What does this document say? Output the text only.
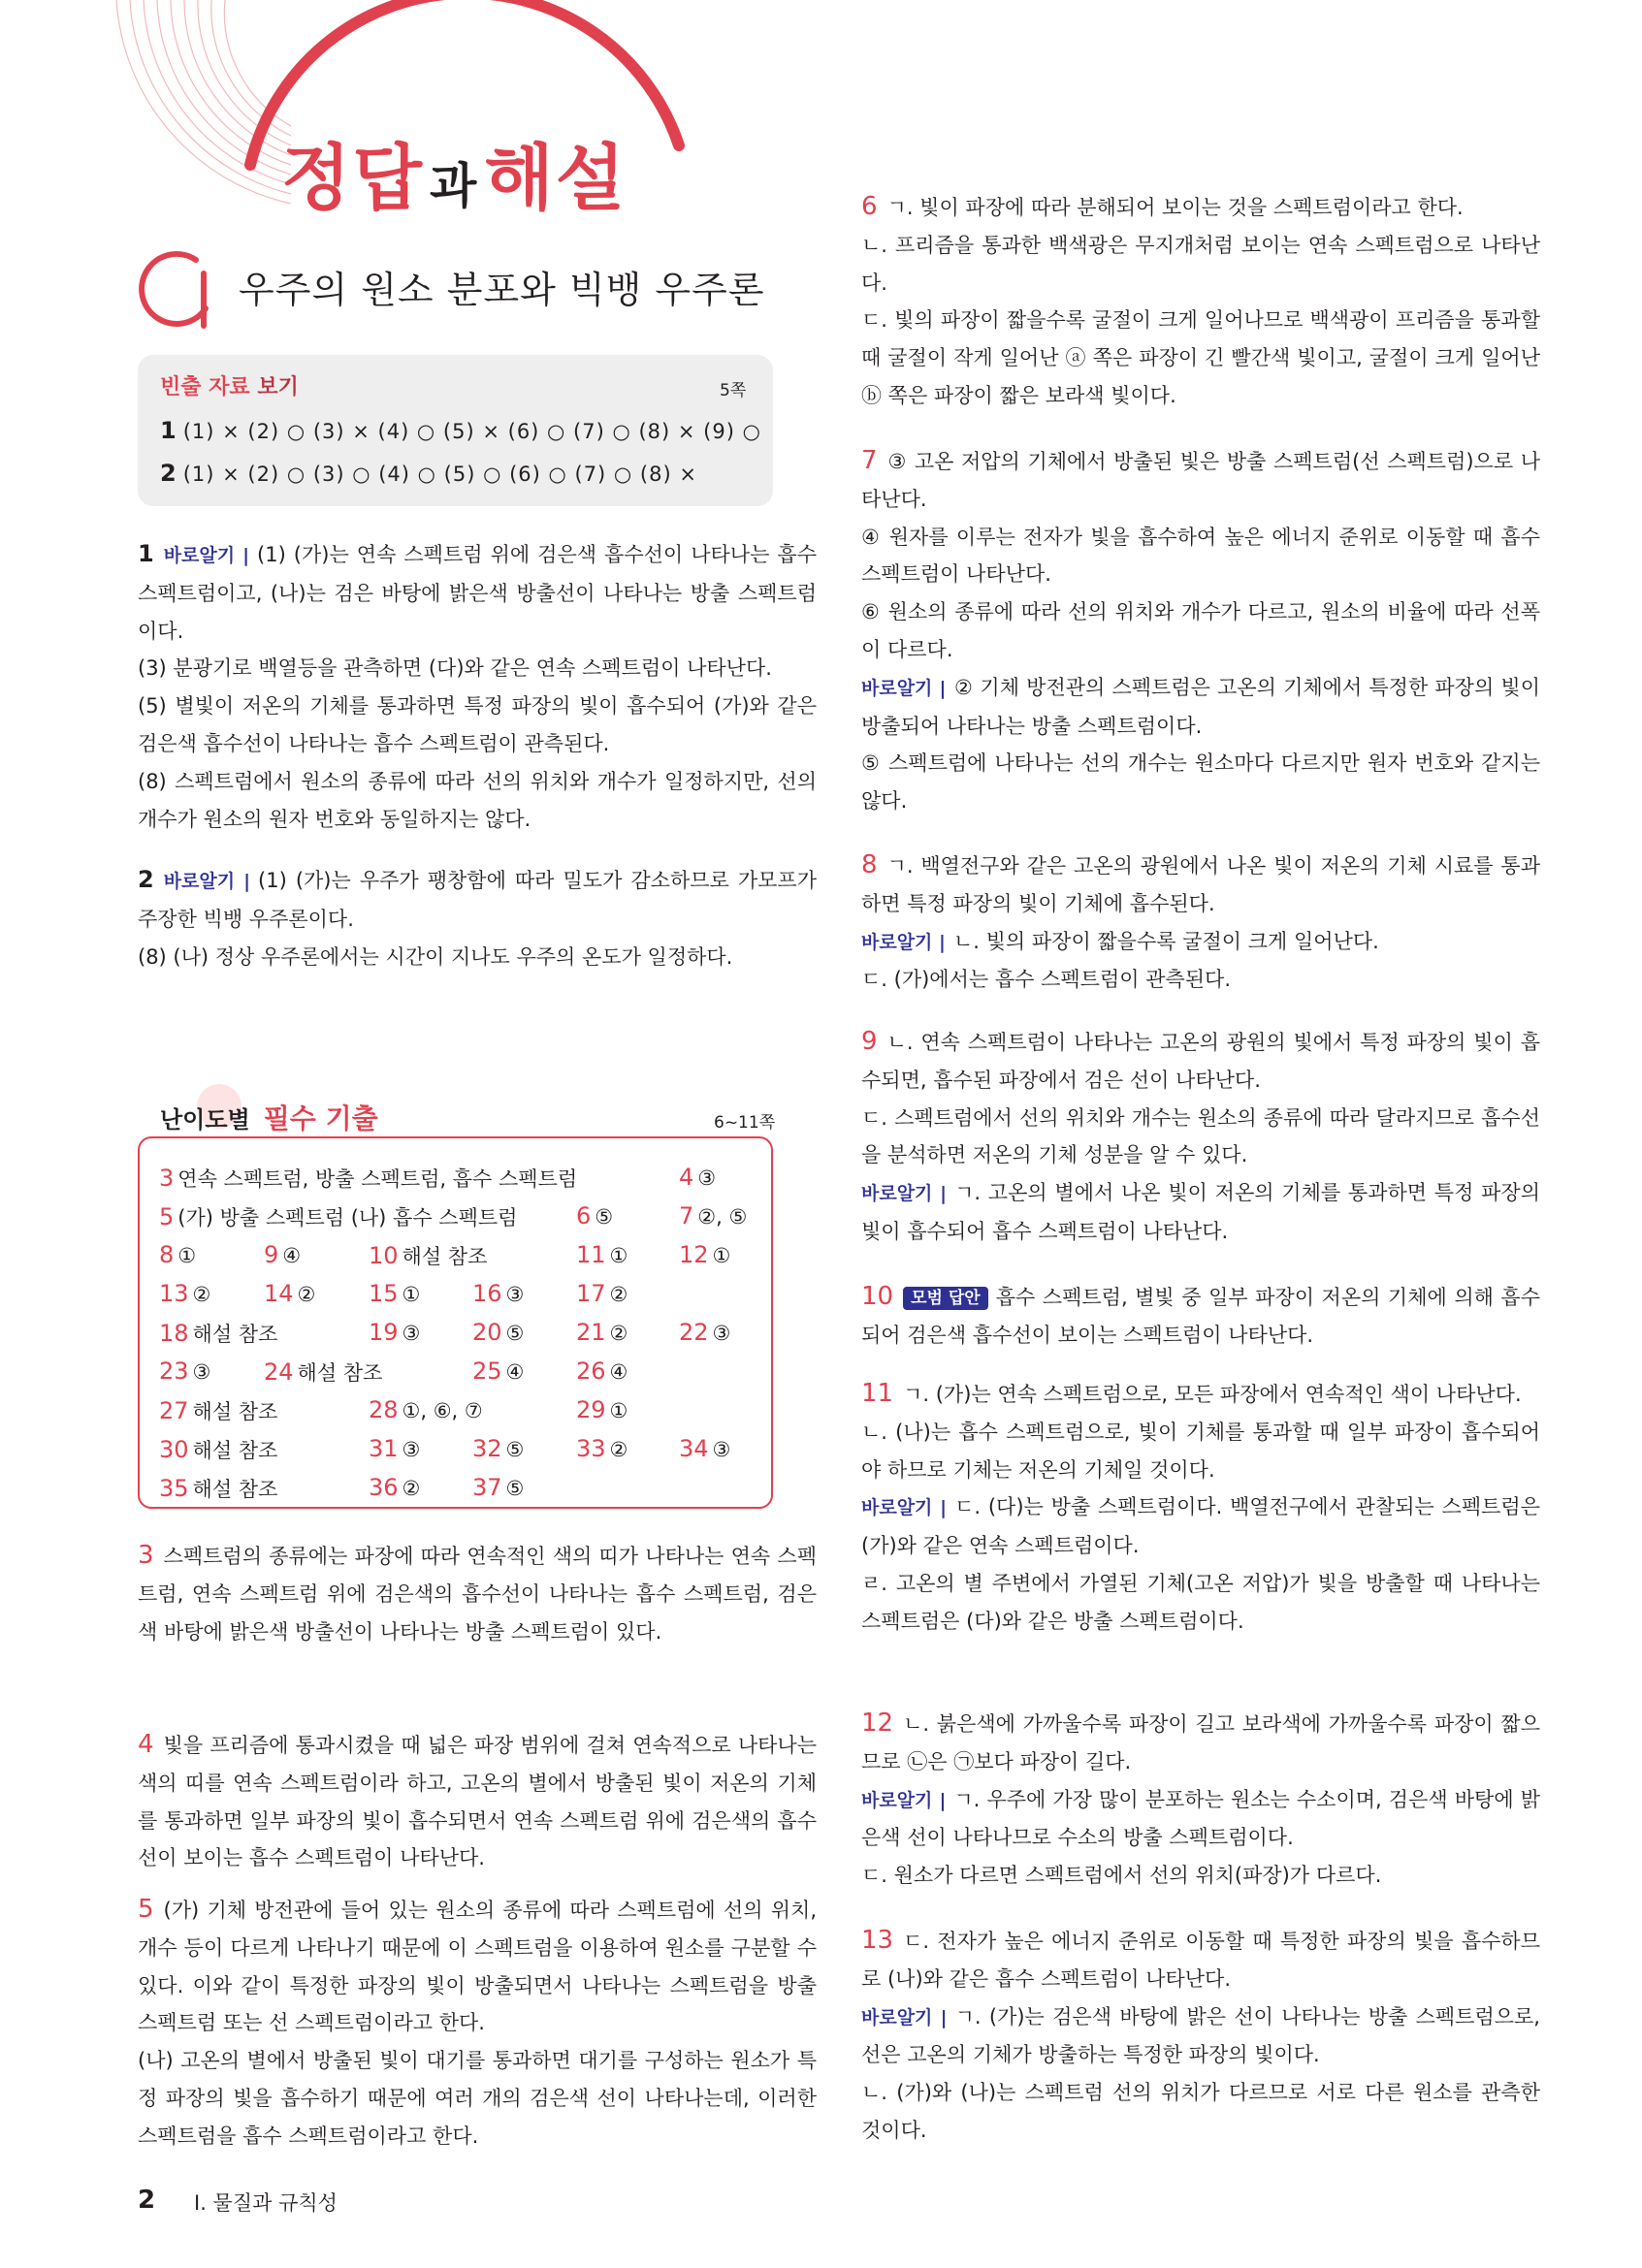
정답 과해설
01 우주의 원소 분포와 빅뱅 우주론
빈출 자료 보기	5쪽
1 (1) × (2) ○ (3) × (4) ○ (5) × (6) ○ (7) ○ (8) × (9) ○
2 (1) × (2) ○ (3) ○ (4) ○ (5) ○ (6) ○ (7) ○ (8) ×

1 바로알기 | (1) (가)는 연속 스펙트럼 위에 검은색 흡수선이 나타나는 흡수 스펙트럼이고, (나)는 검은 바탕에 밝은색 방출선이 나타나는 방출 스펙트럼이다.

(3) 분광기로 백열등을 관측하면 (다)와 같은 연속 스펙트럼이 나타난다.

(5) 별빛이 저온의 기체를 통과하면 특정 파장의 빛이 흡수되어 (가)와 같은 검은색 흡수선이 나타나는 흡수 스펙트럼이 관측된다.

(8) 스펙트럼에서 원소의 종류에 따라 선의 위치와 개수가 일정하지만, 선의 개수가 원소의 원자 번호와 동일하지는 않다.

2 바로알기 | (1) (가)는 우주가 팽창함에 따라 밀도가 감소하므로 가모프가 주장한 빅뱅 우주론이다.

(8) (나) 정상 우주론에서는 시간이 지나도 우주의 온도가 일정하다.

난이도별 필수 기출	6~11쪽
3 연속 스펙트럼, 방출 스펙트럼, 흡수 스펙트럼	4 ③
5 (가) 방출 스펙트럼 (나) 흡수 스펙트럼	6 ⑤	7 ②, ⑤
8 ①	9 ④	10 해설 참조	11 ① 12 ①
13 ② 14 ② 15 ① 16 ③ 17 ②
18 해설 참조	19 ③ 20 ⑤ 21 ② 22 ③
23 ③ 24 해설 참조	25 ④ 26 ④
27 해설 참조	28 ①, ⑥, ⑦	29 ①
30 해설 참조	31 ③ 32 ⑤ 33 ② 34 ③
35 해설 참조	36 ② 37 ⑤

3 스펙트럼의 종류에는 파장에 따라 연속적인 색의 띠가 나타나는 연속 스펙트럼, 연속 스펙트럼 위에 검은색의 흡수선이 나타나는 흡수 스펙트럼, 검은색 바탕에 밝은색 방출선이 나타나는 방출 스펙트럼이 있다.

4 빛을 프리즘에 통과시켰을 때 넓은 파장 범위에 걸쳐 연속적으로 나타나는 색의 띠를 연속 스펙트럼이라 하고, 고온의 별에서 방출된 빛이 저온의 기체를 통과하면 일부 파장의 빛이 흡수되면서 연속 스펙트럼 위에 검은색의 흡수선이 보이는 흡수 스펙트럼이 나타난다.

5 (가) 기체 방전관에 들어 있는 원소의 종류에 따라 스펙트럼에 선의 위치, 개수 등이 다르게 나타나기 때문에 이 스펙트럼을 이용하여 원소를 구분할 수 있다. 이와 같이 특정한 파장의 빛이 방출되면서 나타나는 스펙트럼을 방출 스펙트럼 또는 선 스펙트럼이라고 한다.

(나) 고온의 별에서 방출된 빛이 대기를 통과하면 대기를 구성하는 원소가 특정 파장의 빛을 흡수하기 때문에 여러 개의 검은색 선이 나타나는데, 이러한 스펙트럼을 흡수 스펙트럼이라고 한다.

6 ㄱ. 빛이 파장에 따라 분해되어 보이는 것을 스펙트럼이라고 한다.

ㄴ. 프리즘을 통과한 백색광은 무지개처럼 보이는 연속 스펙트럼으로 나타난다.

ㄷ. 빛의 파장이 짧을수록 굴절이 크게 일어나므로 백색광이 프리즘을 통과할 때 굴절이 작게 일어난 ⓐ 쪽은 파장이 긴 빨간색 빛이고, 굴절이 크게 일어난 ⓑ 쪽은 파장이 짧은 보라색 빛이다.

7 ③ 고온 저압의 기체에서 방출된 빛은 방출 스펙트럼(선 스펙트럼)으로 나타난다.

④ 원자를 이루는 전자가 빛을 흡수하여 높은 에너지 준위로 이동할 때 흡수 스펙트럼이 나타난다.

⑥ 원소의 종류에 따라 선의 위치와 개수가 다르고, 원소의 비율에 따라 선폭이 다르다.

바로알기 | ② 기체 방전관의 스펙트럼은 고온의 기체에서 특정한 파장의 빛이 방출되어 나타나는 방출 스펙트럼이다.

⑤ 스펙트럼에 나타나는 선의 개수는 원소마다 다르지만 원자 번호와 같지는 않다.

8 ㄱ. 백열전구와 같은 고온의 광원에서 나온 빛이 저온의 기체 시료를 통과하면 특정 파장의 빛이 기체에 흡수된다.

바로알기 | ㄴ. 빛의 파장이 짧을수록 굴절이 크게 일어난다.

ㄷ. (가)에서는 흡수 스펙트럼이 관측된다.

9 ㄴ. 연속 스펙트럼이 나타나는 고온의 광원의 빛에서 특정 파장의 빛이 흡수되면, 흡수된 파장에서 검은 선이 나타난다.

ㄷ. 스펙트럼에서 선의 위치와 개수는 원소의 종류에 따라 달라지므로 흡수선을 분석하면 저온의 기체 성분을 알 수 있다.

바로알기 | ㄱ. 고온의 별에서 나온 빛이 저온의 기체를 통과하면 특정 파장의 빛이 흡수되어 흡수 스펙트럼이 나타난다.

10 모범 답안 흡수 스펙트럼, 별빛 중 일부 파장이 저온의 기체에 의해 흡수되어 검은색 흡수선이 보이는 스펙트럼이 나타난다.

11 ㄱ. (가)는 연속 스펙트럼으로, 모든 파장에서 연속적인 색이 나타난다.

ㄴ. (나)는 흡수 스펙트럼으로, 빛이 기체를 통과할 때 일부 파장이 흡수되어야 하므로 기체는 저온의 기체일 것이다.

바로알기 | ㄷ. (다)는 방출 스펙트럼이다. 백열전구에서 관찰되는 스펙트럼은 (가)와 같은 연속 스펙트럼이다.

ㄹ. 고온의 별 주변에서 가열된 기체(고온 저압)가 빛을 방출할 때 나타나는 스펙트럼은 (다)와 같은 방출 스펙트럼이다.

12 ㄴ. 붉은색에 가까울수록 파장이 길고 보라색에 가까울수록 파장이 짧으므로 ㉡은 ㉠보다 파장이 길다.

바로알기 | ㄱ. 우주에 가장 많이 분포하는 원소는 수소이며, 검은색 바탕에 밝은색 선이 나타나므로 수소의 방출 스펙트럼이다.

ㄷ. 원소가 다르면 스펙트럼에서 선의 위치(파장)가 다르다.

13 ㄷ. 전자가 높은 에너지 준위로 이동할 때 특정한 파장의 빛을 흡수하므로 (나)와 같은 흡수 스펙트럼이 나타난다.

바로알기 | ㄱ. (가)는 검은색 바탕에 밝은 선이 나타나는 방출 스펙트럼으로, 선은 고온의 기체가 방출하는 특정한 파장의 빛이다.

ㄴ. (가)와 (나)는 스펙트럼 선의 위치가 다르므로 서로 다른 원소를 관측한 것이다.

2 Ⅰ. 물질과 규칙성
